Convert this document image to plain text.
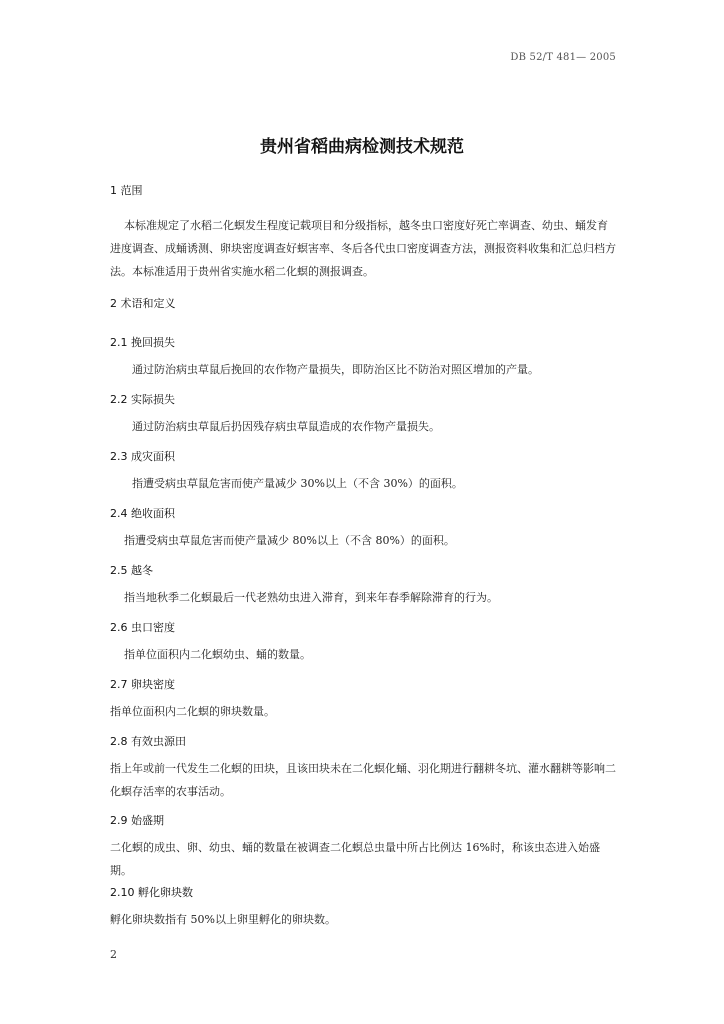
DB 52/T 481— 2005
贵州省稻曲病检测技术规范
1 范围
本标准规定了水稻二化螟发生程度记载项目和分级指标，越冬虫口密度好死亡率调查、幼虫、蛹发育进度调查、成蛹诱测、卵块密度调查好螟害率、冬后各代虫口密度调查方法，测报资料收集和汇总归档方法。本标准适用于贵州省实施水稻二化螟的测报调查。
2 术语和定义
2.1 挽回损失
通过防治病虫草鼠后挽回的农作物产量损失，即防治区比不防治对照区增加的产量。
2.2 实际损失
通过防治病虫草鼠后扔因残存病虫草鼠造成的农作物产量损失。
2.3 成灾面积
指遭受病虫草鼠危害而使产量减少 30%以上（不含 30%）的面积。
2.4 绝收面积
指遭受病虫草鼠危害而使产量减少 80%以上（不含 80%）的面积。
2.5 越冬
指当地秋季二化螟最后一代老熟幼虫进入滞育，到来年春季解除滞育的行为。
2.6 虫口密度
指单位面积内二化螟幼虫、蛹的数量。
2.7 卵块密度
指单位面积内二化螟的卵块数量。
2.8 有效虫源田
指上年或前一代发生二化螟的田块，且该田块未在二化螟化蛹、羽化期进行翻耕冬坑、灌水翻耕等影响二化螟存活率的农事活动。
2.9 始盛期
二化螟的成虫、卵、幼虫、蛹的数量在被调查二化螟总虫量中所占比例达 16%时，称该虫态进入始盛期。
2.10 孵化卵块数
孵化卵块数指有 50%以上卵里孵化的卵块数。
2
